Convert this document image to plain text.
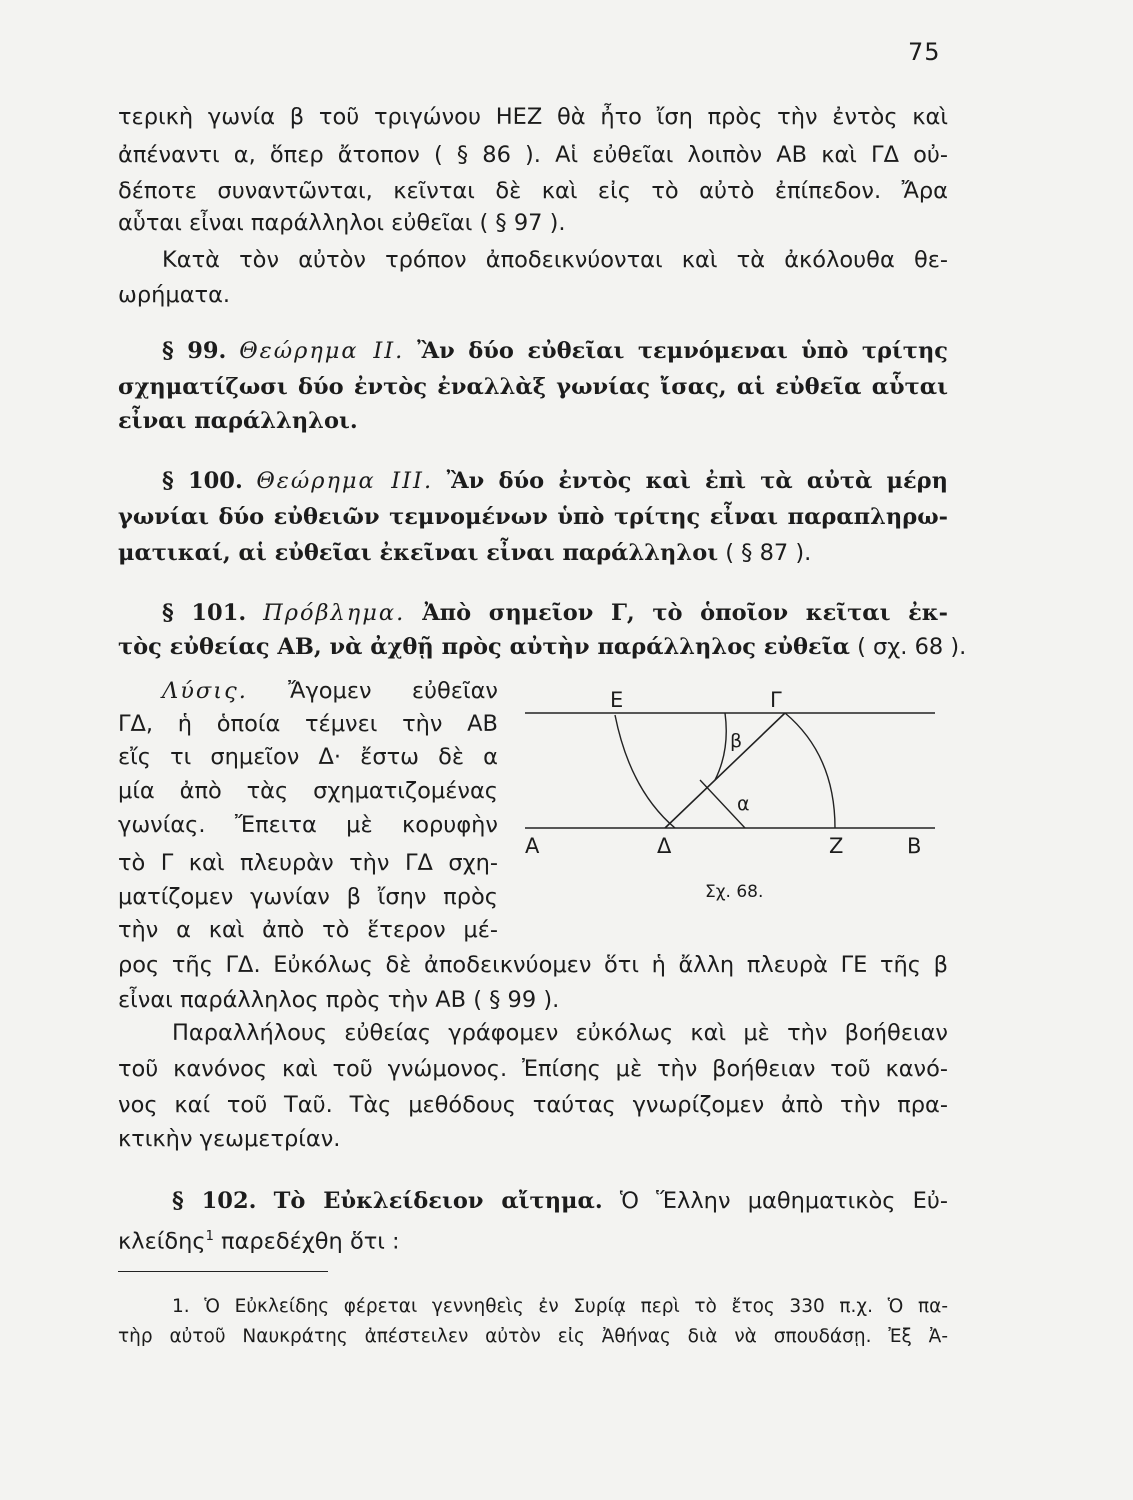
75
τερικὴ γωνία β τοῦ τριγώνου ΗΕΖ θὰ ἦτο ἴση πρὸς τὴν ἐντὸς καὶ
ἀπέναντι α, ὅπερ ἄτοπον ( § 86 ). Αἱ εὐθεῖαι λοιπὸν ΑΒ καὶ ΓΔ οὐ-
δέποτε συναντῶνται, κεῖνται δὲ καὶ εἰς τὸ αὐτὸ ἐπίπεδον. Ἄρα
αὗται εἶναι παράλληλοι εὐθεῖαι ( § 97 ).
Κατὰ τὸν αὐτὸν τρόπον ἀποδεικνύονται καὶ τὰ ἀκόλουθα θε-
ωρήματα.
§ 99. Θεώρημα ΙΙ. Ἂν δύο εὐθεῖαι τεμνόμεναι ὑπὸ τρίτης
σχηματίζωσι δύο ἐντὸς ἐναλλὰξ γωνίας ἴσας, αἱ εὐθεῖα αὗται
εἶναι παράλληλοι.
§ 100. Θεώρημα ΙΙΙ. Ἂν δύο ἐντὸς καὶ ἐπὶ τὰ αὐτὰ μέρη
γωνίαι δύο εὐθειῶν τεμνομένων ὑπὸ τρίτης εἶναι παραπληρω-
ματικαί, αἱ εὐθεῖαι ἐκεῖναι εἶναι παράλληλοι ( § 87 ).
§ 101. Πρόβλημα. Ἀπὸ σημεῖον Γ, τὸ ὁποῖον κεῖται ἐκ-
τὸς εὐθείας ΑΒ, νὰ ἀχθῇ πρὸς αὐτὴν παράλληλος εὐθεῖα ( σχ. 68 ).
Λύσις. Ἄγομεν εὐθεῖαν
ΓΔ, ἡ ὁποία τέμνει τὴν ΑΒ
εἴς τι σημεῖον Δ· ἔστω δὲ α
μία ἀπὸ τὰς σχηματιζομένας
γωνίας. Ἔπειτα μὲ κορυφὴν
τὸ Γ καὶ πλευρὰν τὴν ΓΔ σχη-
ματίζομεν γωνίαν β ἴσην πρὸς
τὴν α καὶ ἀπὸ τὸ ἕτερον μέ-
ρος τῆς ΓΔ. Εὐκόλως δὲ ἀποδεικνύομεν ὅτι ἡ ἄλλη πλευρὰ ΓΕ τῆς β
εἶναι παράλληλος πρὸς τὴν ΑΒ ( § 99 ).
Ε	Γ
Α	Δ	Ζ	Β
β
α
Σχ. 68.
Παραλλήλους εὐθείας γράφομεν εὐκόλως καὶ μὲ τὴν βοήθειαν
τοῦ κανόνος καὶ τοῦ γνώμονος. Ἐπίσης μὲ τὴν βοήθειαν τοῦ κανό-
νος καί τοῦ Ταῦ. Τὰς μεθόδους ταύτας γνωρίζομεν ἀπὸ τὴν πρα-
κτικὴν γεωμετρίαν.
§ 102. Τὸ Εὐκλείδειον αἴτημα. Ὁ Ἕλλην μαθηματικὸς Εὐ-
κλείδης$^1$ παρεδέχθη ὅτι :
1. Ὁ Εὐκλείδης φέρεται γεννηθεὶς ἐν Συρίᾳ περὶ τὸ ἔτος 330 π.χ. Ὁ πα-
τὴρ αὐτοῦ Ναυκράτης ἀπέστειλεν αὐτὸν εἰς Ἀθήνας διὰ νὰ σπουδάσῃ. Ἐξ Ἀ-
